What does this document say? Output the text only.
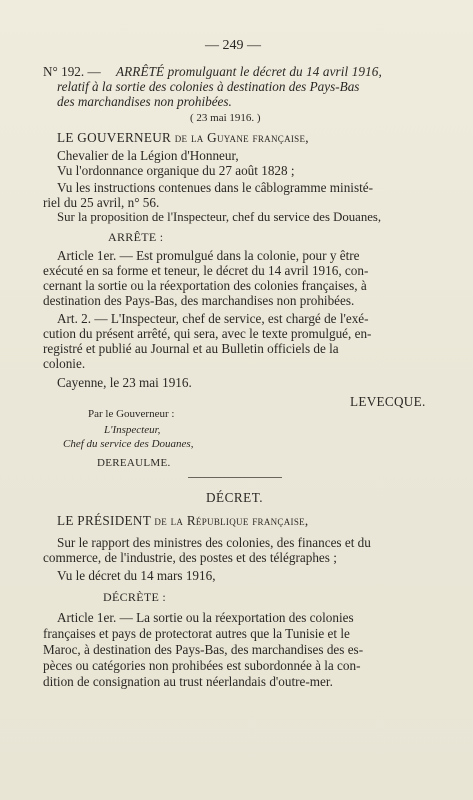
— 249 —
N° 192. — ARRÊTÉ promulguant le décret du 14 avril 1916,
relatif à la sortie des colonies à destination des Pays-Bas
des marchandises non prohibées.
( 23 mai 1916. )
LE GOUVERNEUR de la Guyane française,
Chevalier de la Légion d'Honneur,
Vu l'ordonnance organique du 27 août 1828 ;
Vu les instructions contenues dans le câblogramme ministé-
riel du 25 avril, n° 56.
Sur la proposition de l'Inspecteur, chef du service des Douanes,
ARRÊTE :
Article 1er. — Est promulgué dans la colonie, pour y être
exécuté en sa forme et teneur, le décret du 14 avril 1916, con-
cernant la sortie ou la réexportation des colonies françaises, à
destination des Pays-Bas, des marchandises non prohibées.
Art. 2. — L'Inspecteur, chef de service, est chargé de l'exé-
cution du présent arrêté, qui sera, avec le texte promulgué, en-
registré et publié au Journal et au Bulletin officiels de la
colonie.
Cayenne, le 23 mai 1916.
LEVECQUE.
Par le Gouverneur :
L'Inspecteur,
Chef du service des Douanes,
DEREAULME.
DÉCRET.
LE PRÉSIDENT de la République française,
Sur le rapport des ministres des colonies, des finances et du
commerce, de l'industrie, des postes et des télégraphes ;
Vu le décret du 14 mars 1916,
DÉCRÈTE :
Article 1er. — La sortie ou la réexportation des colonies
françaises et pays de protectorat autres que la Tunisie et le
Maroc, à destination des Pays-Bas, des marchandises des es-
pèces ou catégories non prohibées est subordonnée à la con-
dition de consignation au trust néerlandais d'outre-mer.
